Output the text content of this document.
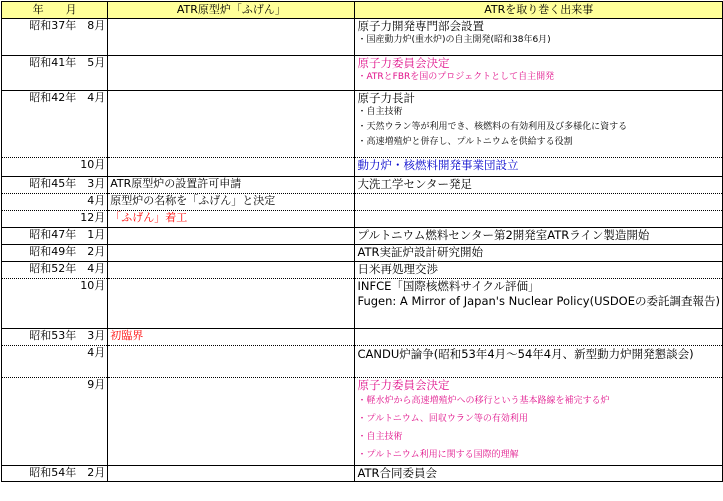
年　　月	ATR原型炉「ふげん」	ATRを取り巻く出来事
昭和37年　8月		原子力開発専門部会設置
・国産動力炉(重水炉)の自主開発(昭和38年6月)

昭和41年　5月		原子力委員会決定
・ATRとFBRを国のプロジェクトとして自主開発

昭和42年　4月		原子力長計
・自主技術
・天然ウラン等が利用でき、核燃料の有効利用及び多様化に資する
・高速増殖炉と併存し、プルトニウムを供給する役割

10月		動力炉・核燃料開発事業団設立

昭和45年　3月	ATR原型炉の設置許可申請	大洗工学センター発足

4月	原型炉の名称を「ふげん」と決定	
12月	「ふげん」着工	
昭和47年　1月		プルトニウム燃料センター第2開発室ATRライン製造開始

昭和49年　2月		ATR実証炉設計研究開始

昭和52年　4月		日米再処理交渉

10月		INFCE「国際核燃料サイクル評価」
Fugen: A Mirror of Japan's Nuclear Policy(USDOEの委託調査報告)

昭和53年　3月	初臨界	
4月		CANDU炉論争(昭和53年4月～54年4月、新型動力炉開発懇談会)

9月		原子力委員会決定
・軽水炉から高速増殖炉への移行という基本路線を補完する炉
・プルトニウム、回収ウラン等の有効利用
・自主技術
・プルトニウム利用に関する国際的理解

昭和54年　2月		ATR合同委員会
